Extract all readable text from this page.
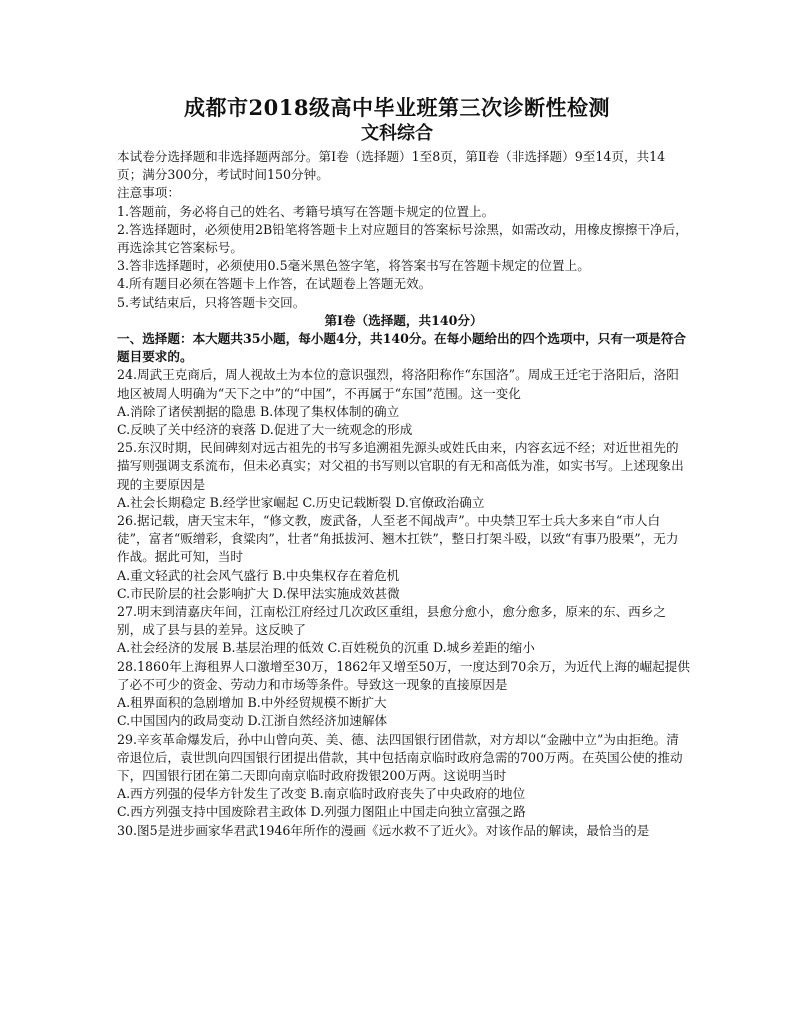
成都市2018级高中毕业班第三次诊断性检测
文科综合

本试卷分选择题和非选择题两部分。第Ⅰ卷（选择题）1至8页，第Ⅱ卷（非选择题）9至14页，共14页；满分300分，考试时间150分钟。

注意事项：

1.答题前，务必将自己的姓名、考籍号填写在答题卡规定的位置上。

2.答选择题时，必须使用2B铅笔将答题卡上对应题目的答案标号涂黑，如需改动，用橡皮擦擦干净后，再选涂其它答案标号。

3.答非选择题时，必须使用0.5毫米黑色签字笔，将答案书写在答题卡规定的位置上。

4.所有题目必须在答题卡上作答，在试题卷上答题无效。

5.考试结束后，只将答题卡交回。

第Ⅰ卷（选择题，共140分）

一、选择题：本大题共35小题，每小题4分，共140分。在每小题给出的四个选项中，只有一项是符合题目要求的。

24.周武王克商后，周人视故土为本位的意识强烈，将洛阳称作“东国洛”。周成王迁宅于洛阳后，洛阳地区被周人明确为“天下之中”的“中国”，不再属于“东国”范围。这一变化

A.消除了诸侯割据的隐患 B.体现了集权体制的确立

C.反映了关中经济的衰落 D.促进了大一统观念的形成

25.东汉时期，民间碑刻对远古祖先的书写多追溯祖先源头或姓氏由来，内容玄远不经；对近世祖先的描写则强调支系流布，但未必真实；对父祖的书写则以官职的有无和高低为准，如实书写。上述现象出现的主要原因是

A.社会长期稳定 B.经学世家崛起 C.历史记载断裂 D.官僚政治确立

26.据记载，唐天宝末年，“修文教，废武备，人至老不闻战声”。中央禁卫军士兵大多来自“市人白徒”，富者“贩缯彩，食粱肉”，壮者“角抵拔河、翘木扛铁”，整日打架斗殴，以致“有事乃股栗”，无力作战。据此可知，当时

A.重文轻武的社会风气盛行 B.中央集权存在着危机

C.市民阶层的社会影响扩大 D.保甲法实施成效甚微

27.明末到清嘉庆年间，江南松江府经过几次政区重组，县愈分愈小，愈分愈多，原来的东、西乡之别，成了县与县的差异。这反映了

A.社会经济的发展 B.基层治理的低效 C.百姓税负的沉重 D.城乡差距的缩小

28.1860年上海租界人口激增至30万，1862年又增至50万，一度达到70余万，为近代上海的崛起提供了必不可少的资金、劳动力和市场等条件。导致这一现象的直接原因是

A.租界面积的急剧增加 B.中外经贸规模不断扩大

C.中国国内的政局变动 D.江浙自然经济加速解体

29.辛亥革命爆发后，孙中山曾向英、美、德、法四国银行团借款，对方却以“金融中立”为由拒绝。清帝退位后，袁世凯向四国银行团提出借款，其中包括南京临时政府急需的700万两。在英国公使的推动下，四国银行团在第二天即向南京临时政府拨银200万两。这说明当时

A.西方列强的侵华方针发生了改变 B.南京临时政府丧失了中央政府的地位

C.西方列强支持中国废除君主政体 D.列强力图阻止中国走向独立富强之路

30.图5是进步画家华君武1946年所作的漫画《远水救不了近火》。对该作品的解读，最恰当的是
